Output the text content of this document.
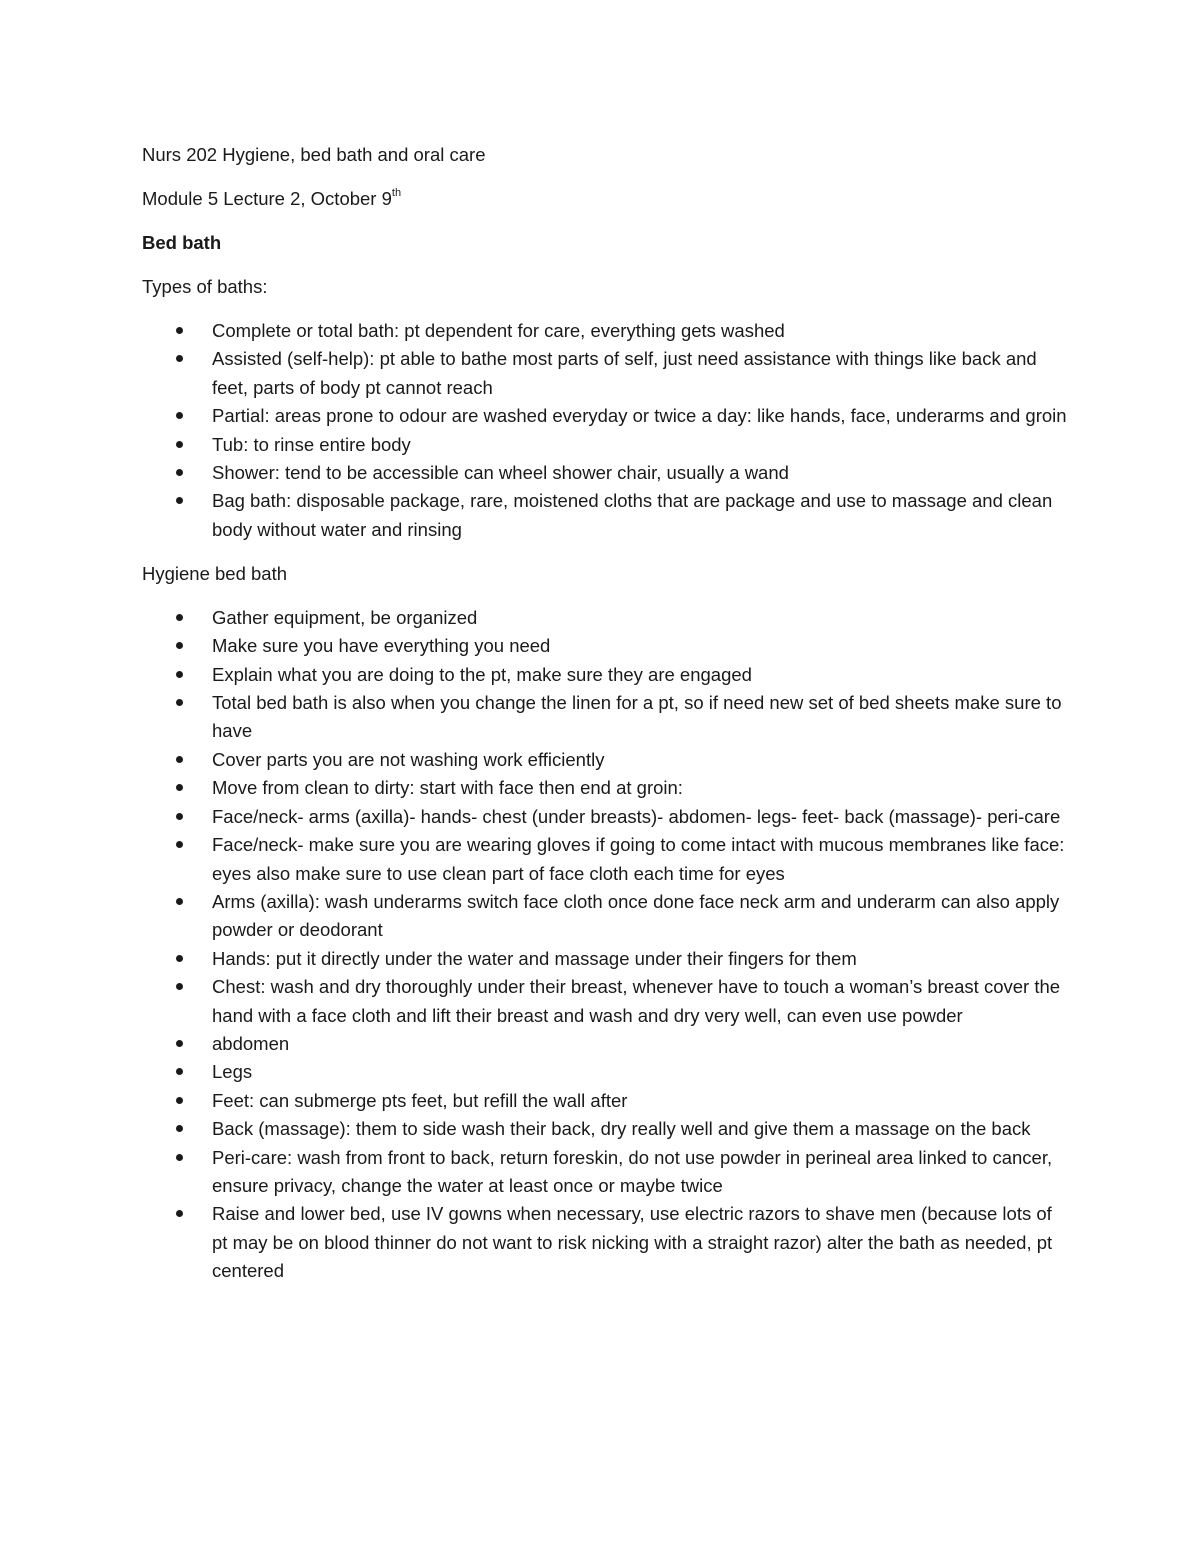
Nurs 202 Hygiene, bed bath and oral care

Module 5 Lecture 2, October 9th

Bed bath

Types of baths:

Complete or total bath: pt dependent for care, everything gets washed
Assisted (self-help): pt able to bathe most parts of self, just need assistance with things like back and feet, parts of body pt cannot reach
Partial: areas prone to odour are washed everyday or twice a day: like hands, face, underarms and groin
Tub: to rinse entire body
Shower: tend to be accessible can wheel shower chair, usually a wand
Bag bath: disposable package, rare, moistened cloths that are package and use to massage and clean body without water and rinsing

Hygiene bed bath

Gather equipment, be organized
Make sure you have everything you need
Explain what you are doing to the pt, make sure they are engaged
Total bed bath is also when you change the linen for a pt, so if need new set of bed sheets make sure to have
Cover parts you are not washing work efficiently
Move from clean to dirty: start with face then end at groin:
Face/neck- arms (axilla)- hands- chest (under breasts)- abdomen- legs- feet- back (massage)- peri-care
Face/neck- make sure you are wearing gloves if going to come intact with mucous membranes like face: eyes also make sure to use clean part of face cloth each time for eyes
Arms (axilla): wash underarms switch face cloth once done face neck arm and underarm can also apply powder or deodorant
Hands: put it directly under the water and massage under their fingers for them
Chest: wash and dry thoroughly under their breast, whenever have to touch a woman’s breast cover the hand with a face cloth and lift their breast and wash and dry very well, can even use powder
abdomen
Legs
Feet: can submerge pts feet, but refill the wall after
Back (massage): them to side wash their back, dry really well and give them a massage on the back
Peri-care: wash from front to back, return foreskin, do not use powder in perineal area linked to cancer, ensure privacy, change the water at least once or maybe twice
Raise and lower bed, use IV gowns when necessary, use electric razors to shave men (because lots of pt may be on blood thinner do not want to risk nicking with a straight razor) alter the bath as needed, pt centered
